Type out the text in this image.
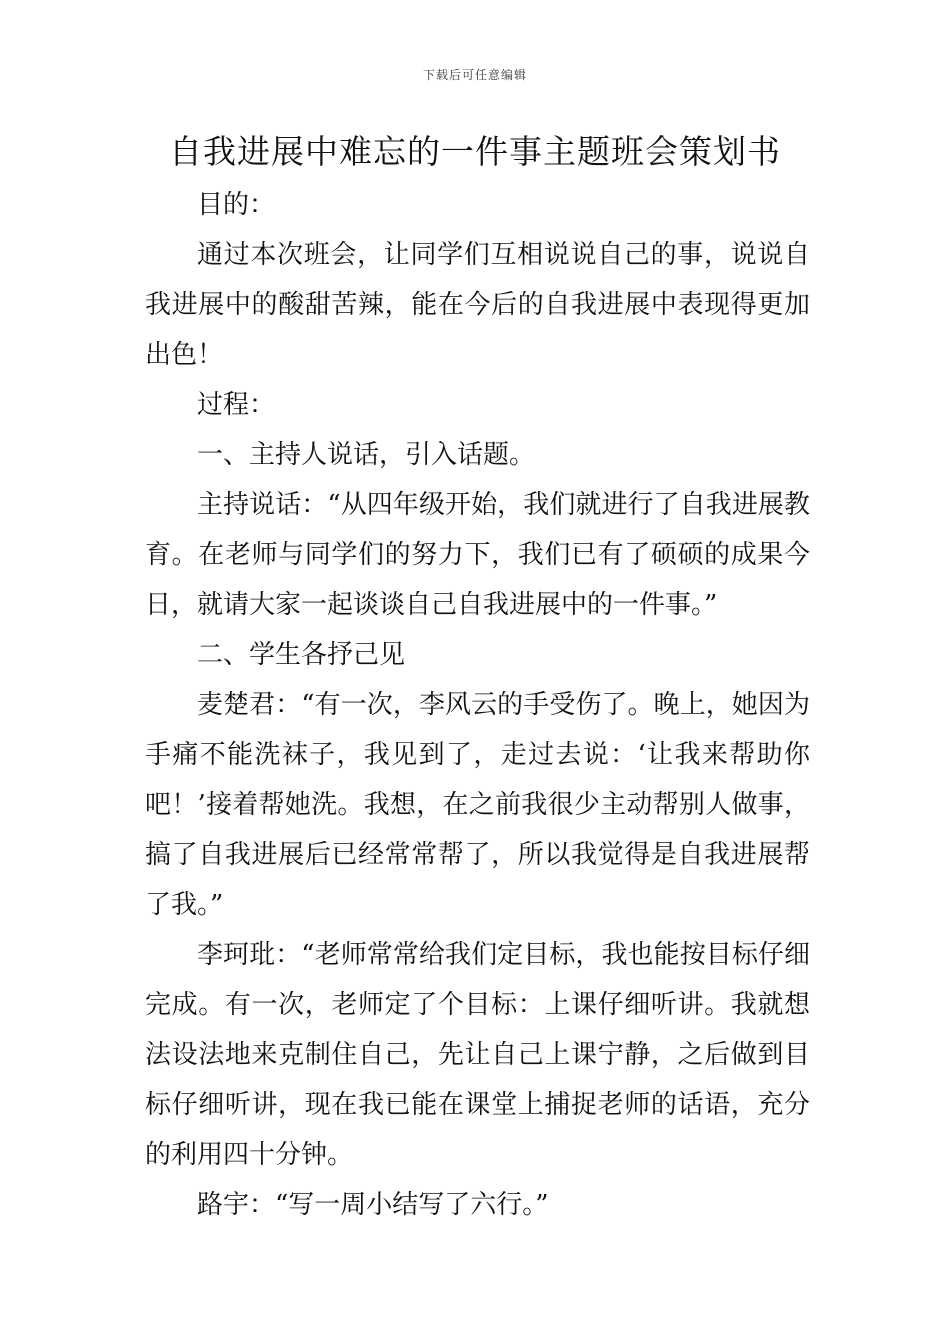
下载后可任意编辑
自我进展中难忘的一件事主题班会策划书

目的：

通过本次班会，让同学们互相说说自己的事，说说自我进展中的酸甜苦辣，能在今后的自我进展中表现得更加出色！

过程：

一、主持人说话，引入话题。

主持说话：“从四年级开始，我们就进行了自我进展教育。在老师与同学们的努力下，我们已有了硕硕的成果今日，就请大家一起谈谈自己自我进展中的一件事。”

二、学生各抒己见

麦楚君：“有一次，李风云的手受伤了。晚上，她因为手痛不能洗袜子，我见到了，走过去说：‘让我来帮助你吧！’接着帮她洗。我想，在之前我很少主动帮别人做事，搞了自我进展后已经常常帮了，所以我觉得是自我进展帮了我。”

李珂玭：“老师常常给我们定目标，我也能按目标仔细完成。有一次，老师定了个目标：上课仔细听讲。我就想法设法地来克制住自己，先让自己上课宁静，之后做到目标仔细听讲，现在我已能在课堂上捕捉老师的话语，充分的利用四十分钟。

路宇：“写一周小结写了六行。”
